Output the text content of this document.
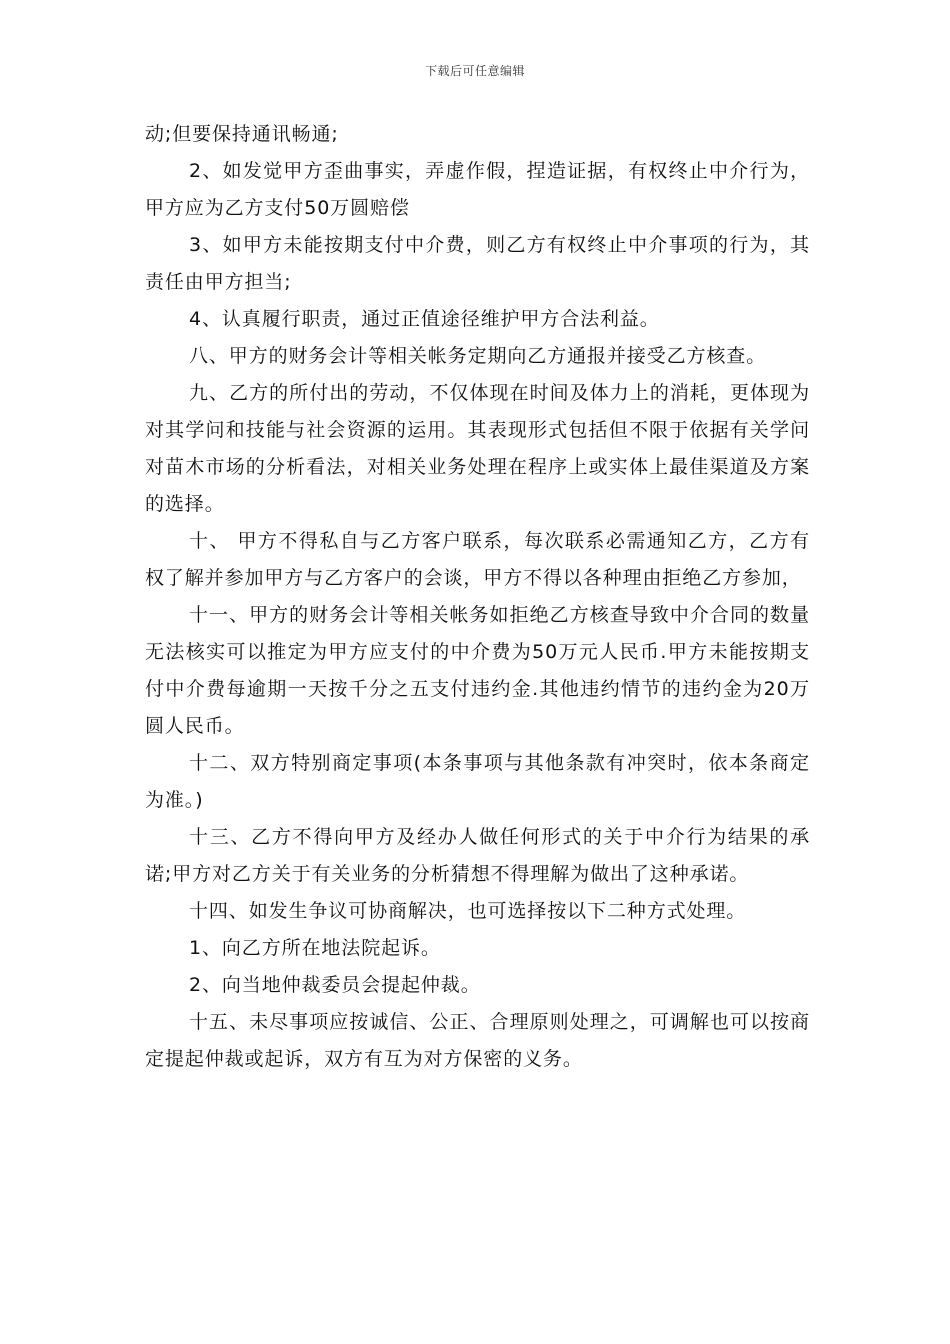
下载后可任意编辑

动;但要保持通讯畅通;

2、如发觉甲方歪曲事实，弄虚作假，捏造证据，有权终止中介行为，甲方应为乙方支付50万圆赔偿

3、如甲方未能按期支付中介费，则乙方有权终止中介事项的行为，其责任由甲方担当;

4、认真履行职责，通过正值途径维护甲方合法利益。

八、甲方的财务会计等相关帐务定期向乙方通报并接受乙方核查。

九、乙方的所付出的劳动，不仅体现在时间及体力上的消耗，更体现为对其学问和技能与社会资源的运用。其表现形式包括但不限于依据有关学问对苗木市场的分析看法，对相关业务处理在程序上或实体上最佳渠道及方案的选择。

十、 甲方不得私自与乙方客户联系，每次联系必需通知乙方，乙方有权了解并参加甲方与乙方客户的会谈，甲方不得以各种理由拒绝乙方参加，

十一、甲方的财务会计等相关帐务如拒绝乙方核查导致中介合同的数量无法核实可以推定为甲方应支付的中介费为50万元人民币.甲方未能按期支付中介费每逾期一天按千分之五支付违约金.其他违约情节的违约金为20万圆人民币。

十二、双方特别商定事项(本条事项与其他条款有冲突时，依本条商定为准。)

十三、乙方不得向甲方及经办人做任何形式的关于中介行为结果的承诺;甲方对乙方关于有关业务的分析猜想不得理解为做出了这种承诺。

十四、如发生争议可协商解决，也可选择按以下二种方式处理。

1、向乙方所在地法院起诉。

2、向当地仲裁委员会提起仲裁。

十五、未尽事项应按诚信、公正、合理原则处理之，可调解也可以按商定提起仲裁或起诉，双方有互为对方保密的义务。
